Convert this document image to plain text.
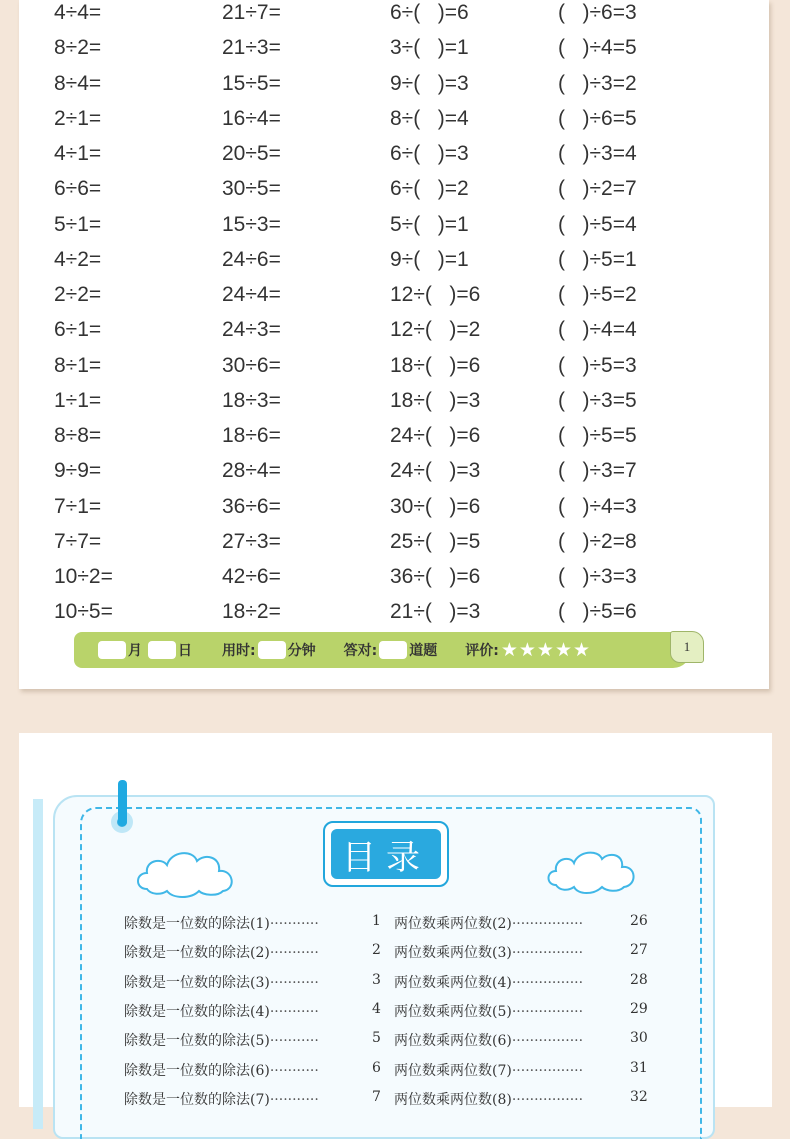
4÷4=	21÷7=	6÷(   )=6	(   )÷6=3
8÷2=	21÷3=	3÷(   )=1	(   )÷4=5
8÷4=	15÷5=	9÷(   )=3	(   )÷3=2
2÷1=	16÷4=	8÷(   )=4	(   )÷6=5
4÷1=	20÷5=	6÷(   )=3	(   )÷3=4
6÷6=	30÷5=	6÷(   )=2	(   )÷2=7
5÷1=	15÷3=	5÷(   )=1	(   )÷5=4
4÷2=	24÷6=	9÷(   )=1	(   )÷5=1
2÷2=	24÷4=	12÷(   )=6	(   )÷5=2
6÷1=	24÷3=	12÷(   )=2	(   )÷4=4
8÷1=	30÷6=	18÷(   )=6	(   )÷5=3
1÷1=	18÷3=	18÷(   )=3	(   )÷3=5
8÷8=	18÷6=	24÷(   )=6	(   )÷5=5
9÷9=	28÷4=	24÷(   )=3	(   )÷3=7
7÷1=	36÷6=	30÷(   )=6	(   )÷4=3
7÷7=	27÷3=	25÷(   )=5	(   )÷2=8
10÷2=	42÷6=	36÷(   )=6	(   )÷3=3
10÷5=	18÷2=	21÷(   )=3	(   )÷5=6
月	日 用时: 分钟 答对: 道题 评价: ★ ★ ★ ★ ★	1
目录
除数是一位数的除法(1)···········	1 两位数乘两位数(2)················	26
除数是一位数的除法(2)···········	2 两位数乘两位数(3)················	27
除数是一位数的除法(3)···········	3 两位数乘两位数(4)················	28
除数是一位数的除法(4)···········	4 两位数乘两位数(5)················	29
除数是一位数的除法(5)···········	5 两位数乘两位数(6)················	30
除数是一位数的除法(6)···········	6 两位数乘两位数(7)················	31
除数是一位数的除法(7)···········	7 两位数乘两位数(8)················	32
